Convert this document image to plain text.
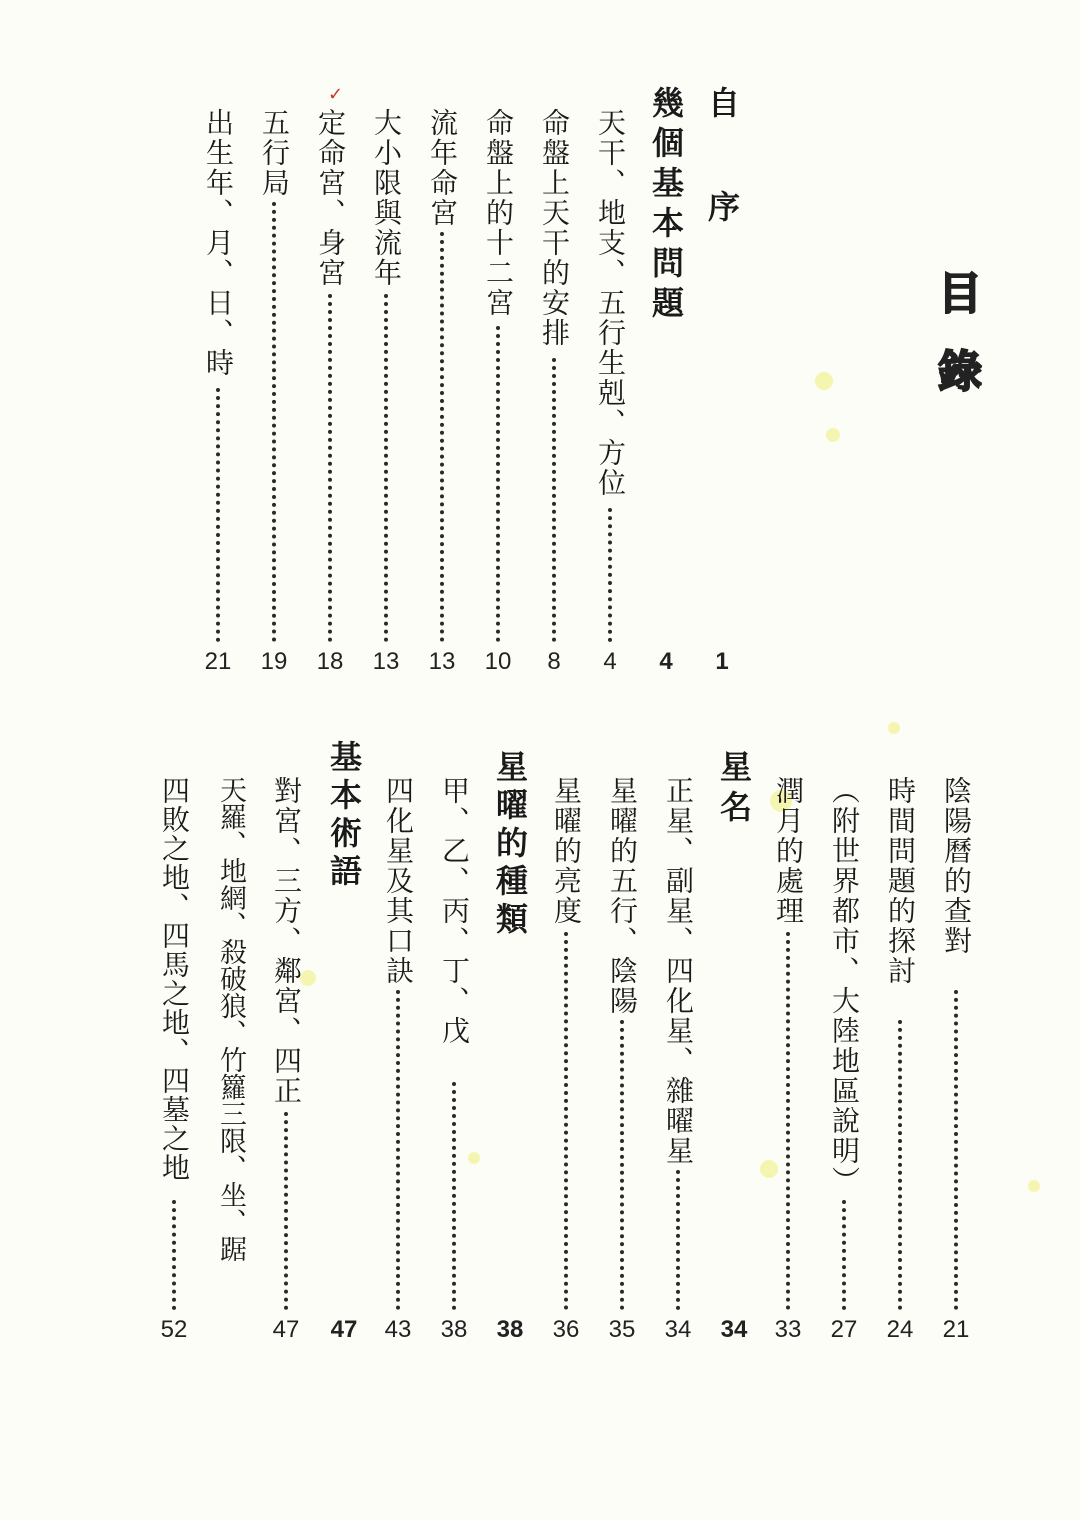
目錄
✓	自　序
1
幾個基本問題
4
天干、地支、五行生剋、方位
4
命盤上天干的安排
8
命盤上的十二宮
10
流年命宮
13
大小限與流年
13
定命宮、身宮
18
五行局
19
出生年、月、日、時
21
陰陽曆的查對
21
時間問題的探討
24
（附世界都市、大陸地區說明）
27
潤月的處理
33
星名
34
正星、副星、四化星、雜曜星
34
星曜的五行、陰陽
35
星曜的亮度
36
星曜的種類
38
甲、乙、丙、丁、戊
38
四化星及其口訣
43
基本術語
47
對宮、三方、鄰宮、四正
47
天羅、地網、殺破狼、竹籮三限、坐、踞
四敗之地、四馬之地、四墓之地
52
